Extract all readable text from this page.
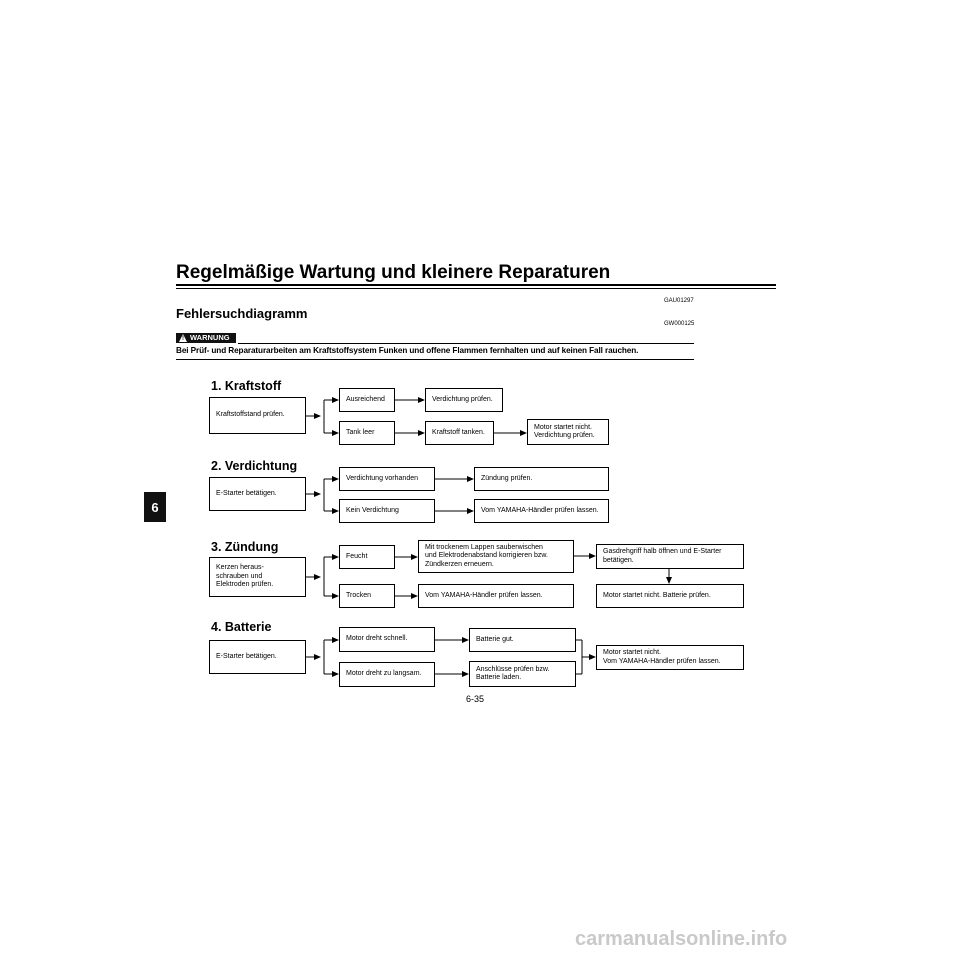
Regelmäßige Wartung und kleinere Reparaturen
GAU01297
Fehlersuchdiagramm
GW000125
WARNUNG
!
Bei Prüf- und Reparaturarbeiten am Kraftstoffsystem Funken und offene Flammen fernhalten und auf keinen Fall rauchen.
6
1. Kraftstoff
Kraftstoffstand prüfen.
Ausreichend	Verdichtung prüfen.
Tank leer	Kraftstoff tanken.
Motor startet nicht.
Verdichtung prüfen.
2. Verdichtung
E-Starter betätigen.
Verdichtung vorhanden	Zündung prüfen.
Kein Verdichtung	Vom YAMAHA-Händler prüfen lassen.
3. Zündung
Kerzen heraus-
schrauben und
Elektroden prüfen.
Feucht
Mit trockenem Lappen sauberwischen
und Elektrodenabstand korrigieren bzw.
Zündkerzen erneuern.
Gasdrehgriff halb öffnen und E-Starter
betätigen.
Trocken	Vom YAMAHA-Händler prüfen lassen.	Motor startet nicht. Batterie prüfen.
4. Batterie
E-Starter betätigen.
Motor dreht schnell.	Batterie gut.
Motor dreht zu langsam.
Anschlüsse prüfen bzw.
Batterie laden.
Motor startet nicht.
Vom YAMAHA-Händler prüfen lassen.
6-35
carmanualsonline.info
